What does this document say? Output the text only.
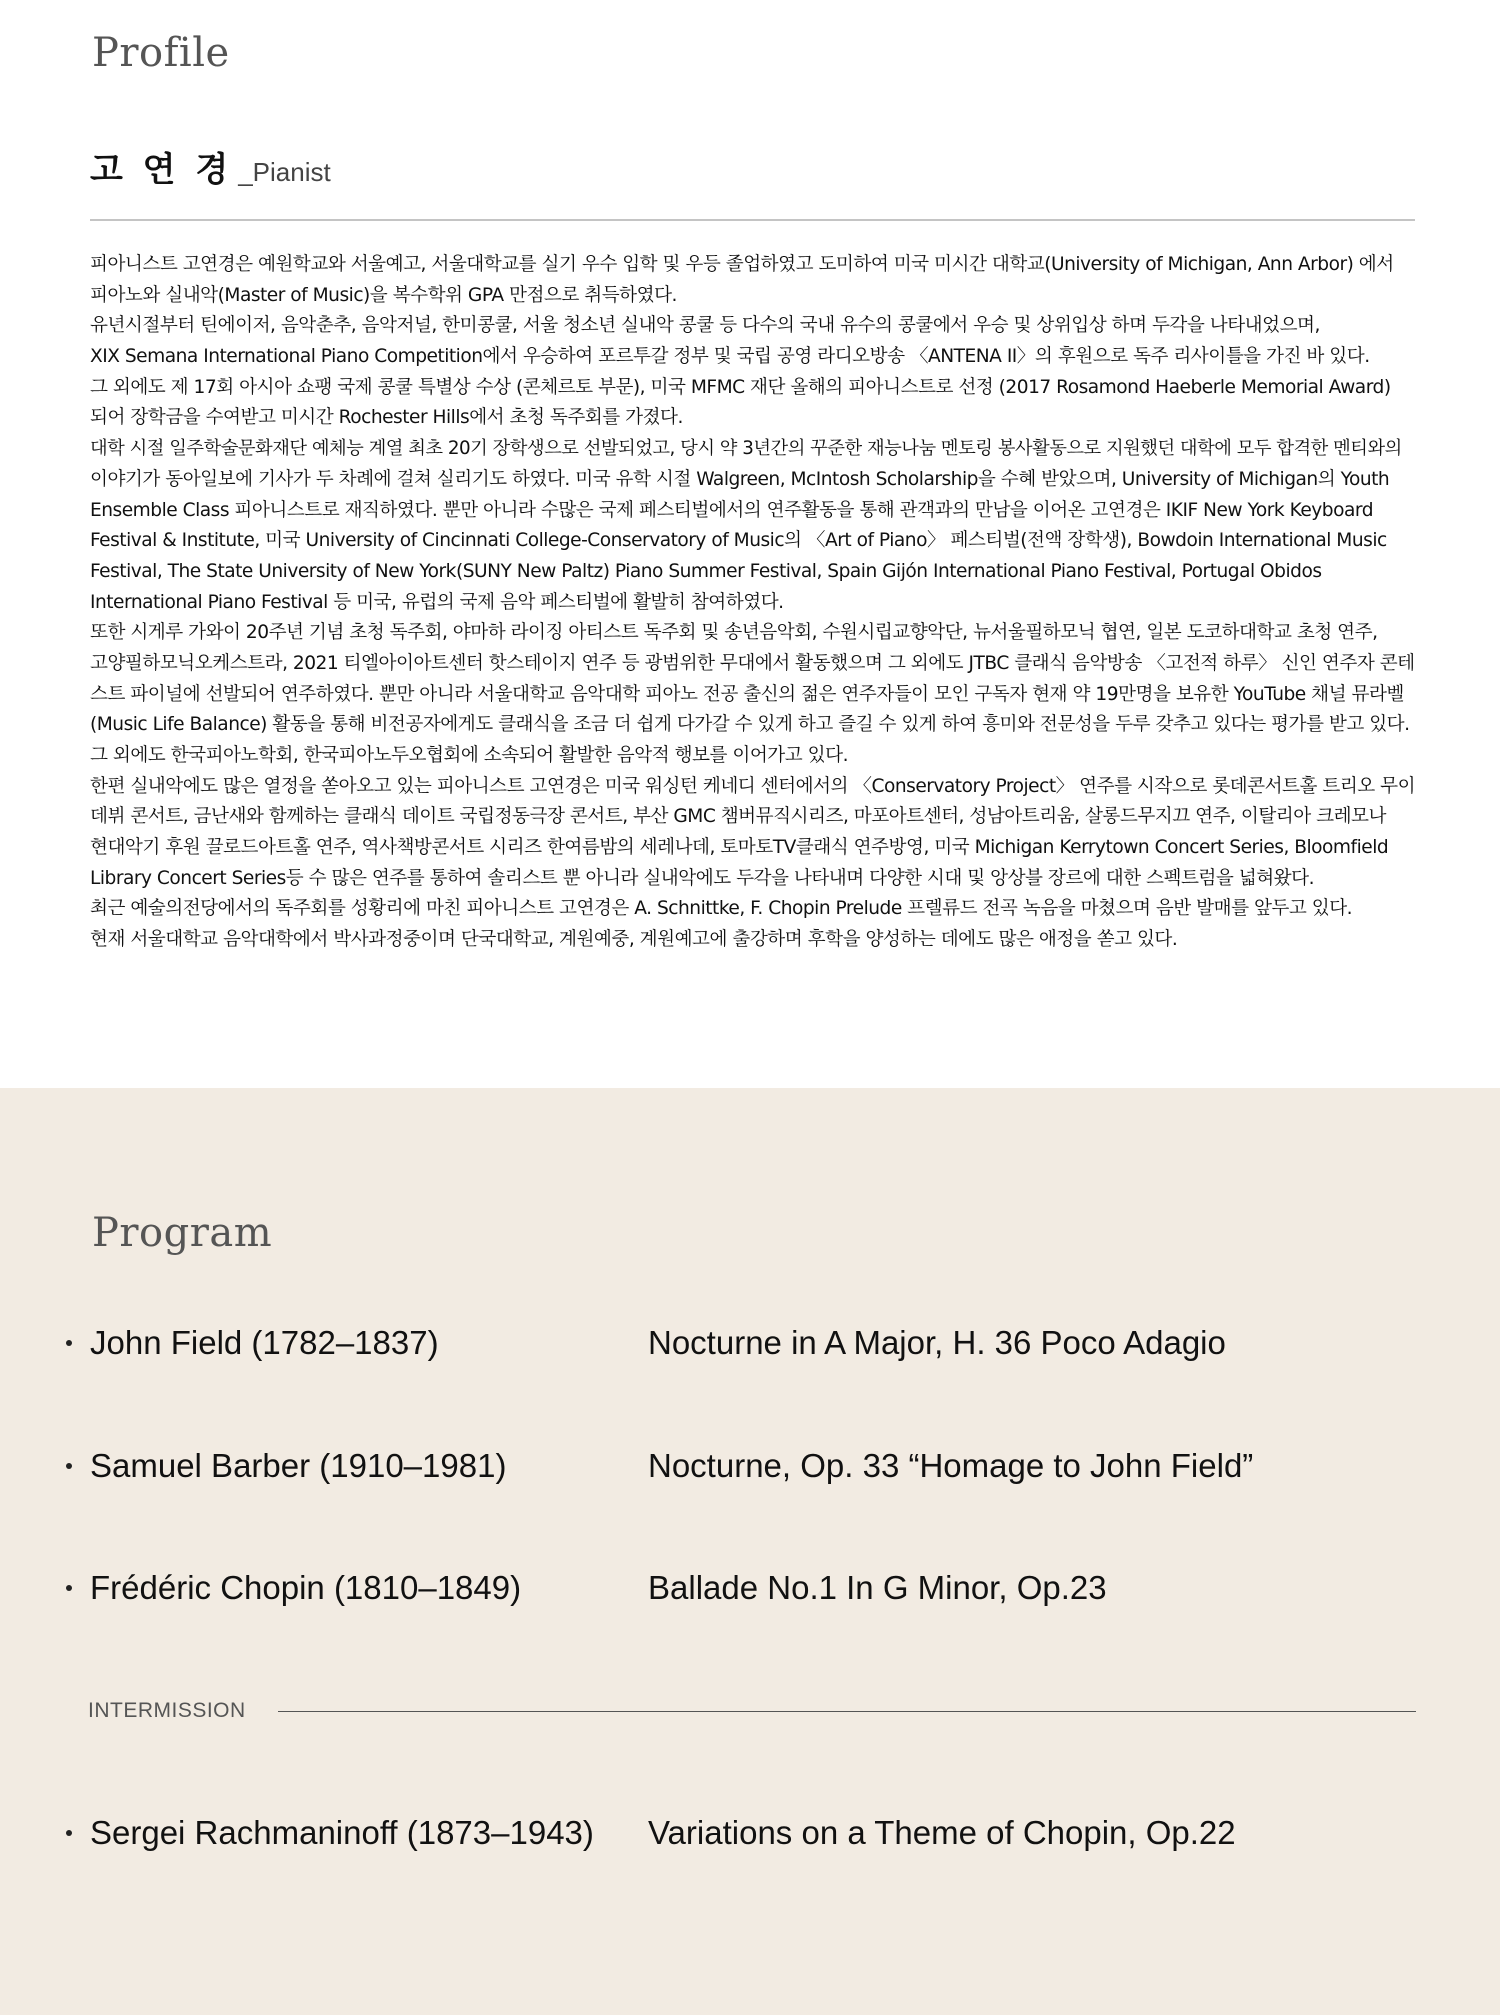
Profile
고 연 경 _Pianist
피아니스트 고연경은 예원학교와 서울예고, 서울대학교를 실기 우수 입학 및 우등 졸업하였고 도미하여 미국 미시간 대학교(University of Michigan, Ann Arbor) 에서
피아노와 실내악(Master of Music)을 복수학위 GPA 만점으로 취득하였다.
유년시절부터 틴에이저, 음악춘추, 음악저널, 한미콩쿨, 서울 청소년 실내악 콩쿨 등 다수의 국내 유수의 콩쿨에서 우승 및 상위입상 하며 두각을 나타내었으며,
XIX Semana International Piano Competition에서 우승하여 포르투갈 정부 및 국립 공영 라디오방송 〈ANTENA II〉의 후원으로 독주 리사이틀을 가진 바 있다.
그 외에도 제 17회 아시아 쇼팽 국제 콩쿨 특별상 수상 (콘체르토 부문), 미국 MFMC 재단 올해의 피아니스트로 선정 (2017 Rosamond Haeberle Memorial Award)
되어 장학금을 수여받고 미시간 Rochester Hills에서 초청 독주회를 가졌다.
대학 시절 일주학술문화재단 예체능 계열 최초 20기 장학생으로 선발되었고, 당시 약 3년간의 꾸준한 재능나눔 멘토링 봉사활동으로 지원했던 대학에 모두 합격한 멘티와의
이야기가 동아일보에 기사가 두 차례에 걸쳐 실리기도 하였다. 미국 유학 시절 Walgreen, McIntosh Scholarship을 수혜 받았으며, University of Michigan의 Youth
Ensemble Class 피아니스트로 재직하였다. 뿐만 아니라 수많은 국제 페스티벌에서의 연주활동을 통해 관객과의 만남을 이어온 고연경은 IKIF New York Keyboard
Festival & Institute, 미국 University of Cincinnati College-Conservatory of Music의 〈Art of Piano〉 페스티벌(전액 장학생), Bowdoin International Music
Festival, The State University of New York(SUNY New Paltz) Piano Summer Festival, Spain Gijón International Piano Festival, Portugal Obidos
International Piano Festival 등 미국, 유럽의 국제 음악 페스티벌에 활발히 참여하였다.
또한 시게루 가와이 20주년 기념 초청 독주회, 야마하 라이징 아티스트 독주회 및 송년음악회, 수원시립교향악단, 뉴서울필하모닉 협연, 일본 도코하대학교 초청 연주,
고양필하모닉오케스트라, 2021 티엘아이아트센터 핫스테이지 연주 등 광범위한 무대에서 활동했으며 그 외에도 JTBC 클래식 음악방송 〈고전적 하루〉 신인 연주자 콘테
스트 파이널에 선발되어 연주하였다. 뿐만 아니라 서울대학교 음악대학 피아노 전공 출신의 젊은 연주자들이 모인 구독자 현재 약 19만명을 보유한 YouTube 채널 뮤라벨
(Music Life Balance) 활동을 통해 비전공자에게도 클래식을 조금 더 쉽게 다가갈 수 있게 하고 즐길 수 있게 하여 흥미와 전문성을 두루 갖추고 있다는 평가를 받고 있다.
그 외에도 한국피아노학회, 한국피아노두오협회에 소속되어 활발한 음악적 행보를 이어가고 있다.
한편 실내악에도 많은 열정을 쏟아오고 있는 피아니스트 고연경은 미국 워싱턴 케네디 센터에서의 〈Conservatory Project〉 연주를 시작으로 롯데콘서트홀 트리오 무이
데뷔 콘서트, 금난새와 함께하는 클래식 데이트 국립정동극장 콘서트, 부산 GMC 챔버뮤직시리즈, 마포아트센터, 성남아트리움, 살롱드무지끄 연주, 이탈리아 크레모나
현대악기 후원 끌로드아트홀 연주, 역사책방콘서트 시리즈 한여름밤의 세레나데, 토마토TV클래식 연주방영, 미국 Michigan Kerrytown Concert Series, Bloomfield
Library Concert Series등 수 많은 연주를 통하여 솔리스트 뿐 아니라 실내악에도 두각을 나타내며 다양한 시대 및 앙상블 장르에 대한 스펙트럼을 넓혀왔다.
최근 예술의전당에서의 독주회를 성황리에 마친 피아니스트 고연경은 A. Schnittke, F. Chopin Prelude 프렐류드 전곡 녹음을 마쳤으며 음반 발매를 앞두고 있다.
현재 서울대학교 음악대학에서 박사과정중이며 단국대학교, 계원예중, 계원예고에 출강하며 후학을 양성하는 데에도 많은 애정을 쏟고 있다.
Program
John Field (1782–1837)	Nocturne in A Major, H. 36 Poco Adagio
Samuel Barber (1910–1981)	Nocturne, Op. 33 “Homage to John Field”
Frédéric Chopin (1810–1849)	Ballade No.1 In G Minor, Op.23
INTERMISSION
Sergei Rachmaninoff (1873–1943) Variations on a Theme of Chopin, Op.22
